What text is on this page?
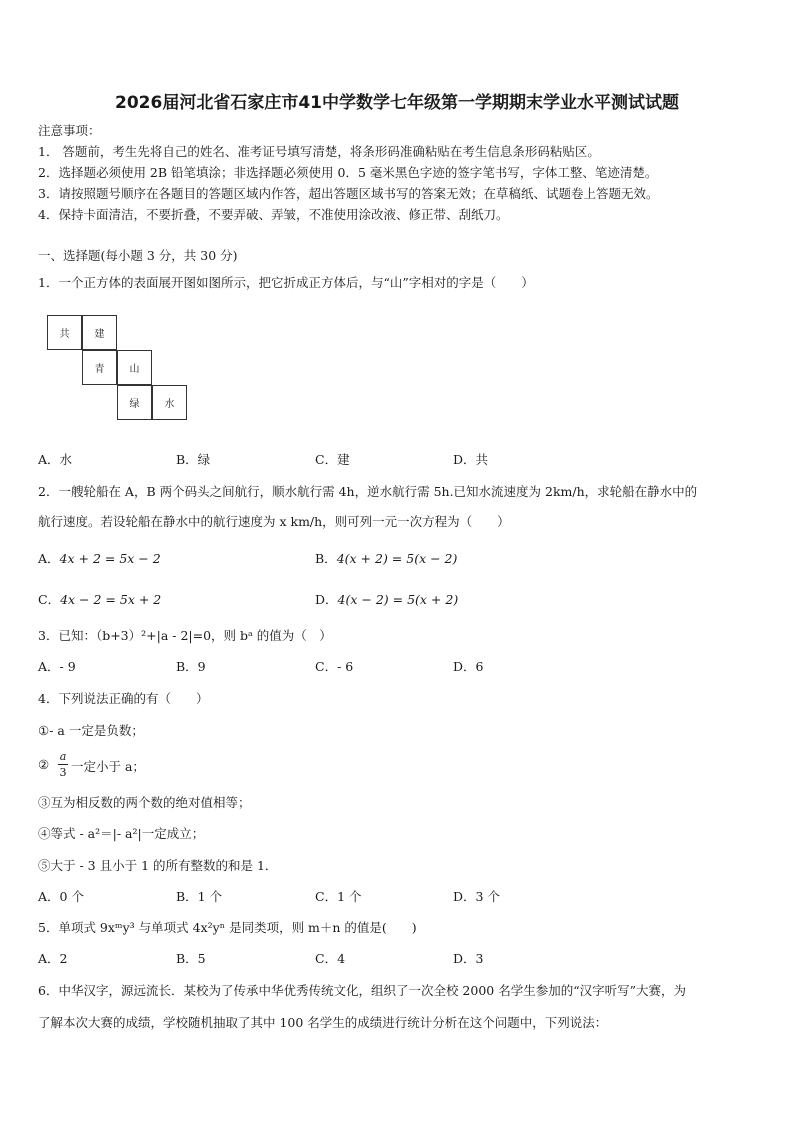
2026届河北省石家庄市41中学数学七年级第一学期期末学业水平测试试题
注意事项：
1． 答题前，考生先将自己的姓名、准考证号填写清楚，将条形码准确粘贴在考生信息条形码粘贴区。
2．选择题必须使用 2B 铅笔填涂；非选择题必须使用 0．5 毫米黑色字迹的签字笔书写，字体工整、笔迹清楚。
3．请按照题号顺序在各题目的答题区域内作答，超出答题区域书写的答案无效；在草稿纸、试题卷上答题无效。
4．保持卡面清洁，不要折叠，不要弄破、弄皱，不准使用涂改液、修正带、刮纸刀。
一、选择题(每小题 3 分，共 30 分)
1．一个正方体的表面展开图如图所示，把它折成正方体后，与“山”字相对的字是（　　）
共	建
青	山
绿	水
A．水	B．绿	C．建	D．共
2．一艘轮船在 A，B 两个码头之间航行，顺水航行需 4h，逆水航行需 5h.已知水流速度为 2km/h，求轮船在静水中的
航行速度。若设轮船在静水中的航行速度为 x km/h，则可列一元一次方程为（　　）
A．4x + 2 = 5x − 2	B．4(x + 2) = 5(x − 2)
C．4x − 2 = 5x + 2	D．4(x − 2) = 5(x + 2)
3．已知：（b+3）²+|a - 2|=0，则 bᵃ 的值为（　）
A．- 9	B．9	C．- 6	D．6
4．下列说法正确的有（　　）
①- a 一定是负数；
②
a
3 一定小于 a；
③互为相反数的两个数的绝对值相等；
④等式 - a²＝|- a²|一定成立；
⑤大于 - 3 且小于 1 的所有整数的和是 1．
A．0 个	B．1 个	C．1 个	D．3 个
5．单项式 9xᵐy³ 与单项式 4x²yⁿ 是同类项，则 m＋n 的值是(　　)
A．2	B．5	C．4	D．3
6．中华汉字，源远流长．某校为了传承中华优秀传统文化，组织了一次全校 2000 名学生参加的“汉字听写”大赛，为
了解本次大赛的成绩，学校随机抽取了其中 100 名学生的成绩进行统计分析在这个问题中，下列说法：
